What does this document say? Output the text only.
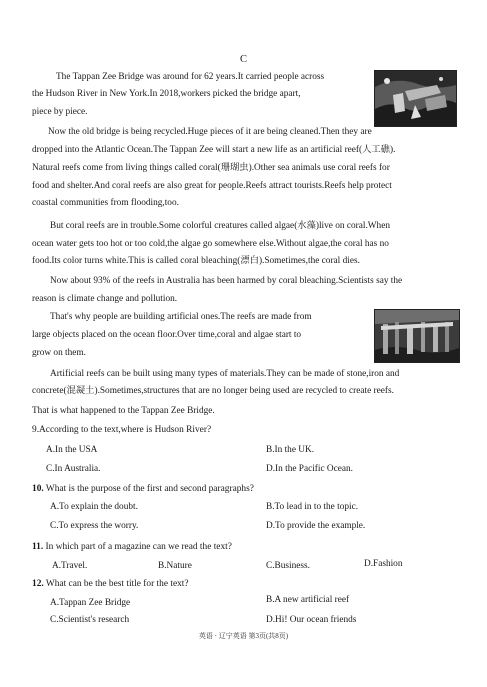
C
The Tappan Zee Bridge was around for 62 years.It carried people across
the Hudson River in New York.In 2018,workers picked the bridge apart,
piece by piece.
Now the old bridge is being recycled.Huge pieces of it are being cleaned.Then they are
dropped into the Atlantic Ocean.The Tappan Zee will start a new life as an artificial reef(人工礁).
Natural reefs come from living things called coral(珊瑚虫).Other sea animals use coral reefs for
food and shelter.And coral reefs are also great for people.Reefs attract tourists.Reefs help protect
coastal communities from flooding,too.
But coral reefs are in trouble.Some colorful creatures called algae(水藻)live on coral.When
ocean water gets too hot or too cold,the algae go somewhere else.Without algae,the coral has no
food.Its color turns white.This is called coral bleaching(漂白).Sometimes,the coral dies.
Now about 93% of the reefs in Australia has been harmed by coral bleaching.Scientists say the
reason is climate change and pollution.
That's why people are building artificial ones.The reefs are made from
large objects placed on the ocean floor.Over time,coral and algae start to
grow on them.
Artificial reefs can be built using many types of materials.They can be made of stone,iron and
concrete(混凝土).Sometimes,structures that are no longer being used are recycled to create reefs.
That is what happened to the Tappan Zee Bridge.
9.According to the text,where is Hudson River?
A.In the USA	B.In the UK.
C.In Australia.	D.In the Pacific Ocean.
10. What is the purpose of the first and second paragraphs?
A.To explain the doubt.	B.To lead in to the topic.
C.To express the worry.	D.To provide the example.
11. In which part of a magazine can we read the text?
A.Travel.	B.Nature	C.Business.	D.Fashion
12. What can be the best title for the text?
A.Tappan Zee Bridge	B.A new artificial reef
C.Scientist's research	D.Hi! Our ocean friends
英语 · 辽宁英语 第3页(共8页)
